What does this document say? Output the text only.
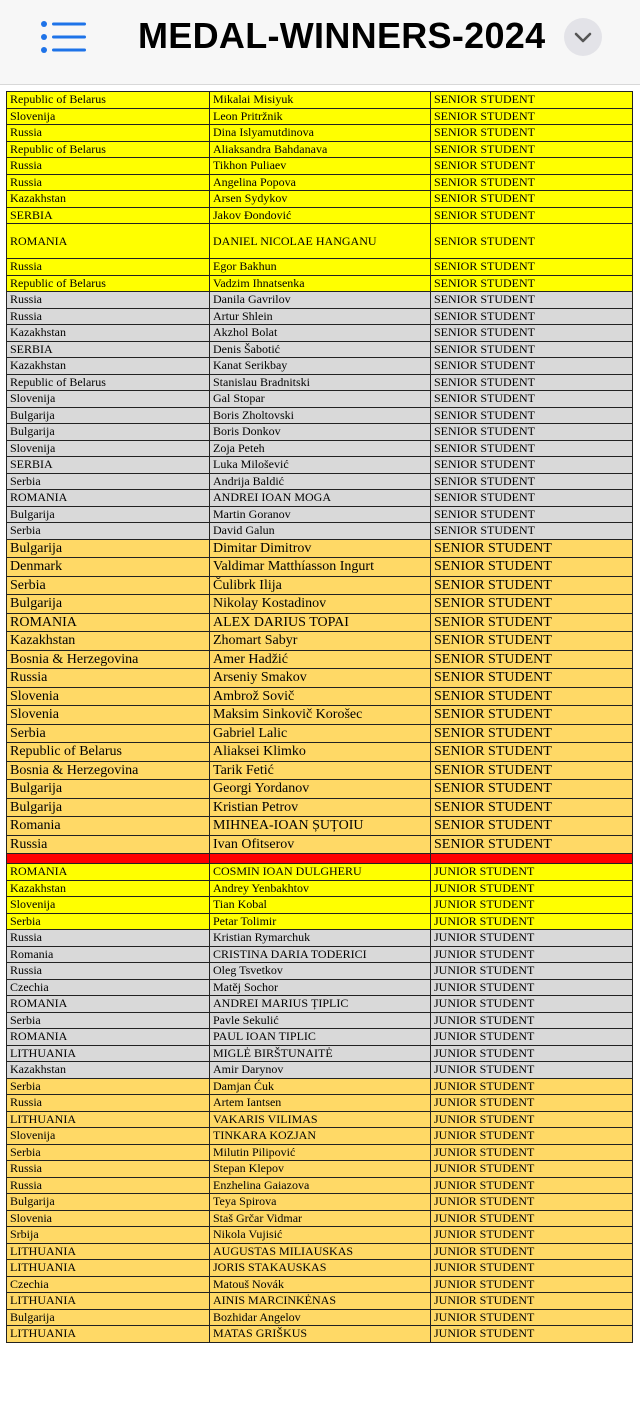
MEDAL-WINNERS-2024
Republic of Belarus	Mikalai Misiyuk	SENIOR STUDENT
Slovenija	Leon Pritržnik	SENIOR STUDENT
Russia	Dina Islyamutdinova	SENIOR STUDENT
Republic of Belarus	Aliaksandra Bahdanava	SENIOR STUDENT
Russia	Tikhon Puliaev	SENIOR STUDENT
Russia	Angelina Popova	SENIOR STUDENT
Kazakhstan	Arsen Sydykov	SENIOR STUDENT
SERBIA	Jakov Đondović	SENIOR STUDENT
ROMANIA	DANIEL NICOLAE HANGANU	SENIOR STUDENT
Russia	Egor Bakhun	SENIOR STUDENT
Republic of Belarus	Vadzim Ihnatsenka	SENIOR STUDENT
Russia	Danila Gavrilov	SENIOR STUDENT
Russia	Artur Shlein	SENIOR STUDENT
Kazakhstan	Akzhol Bolat	SENIOR STUDENT
SERBIA	Denis Šabotić	SENIOR STUDENT
Kazakhstan	Kanat Serikbay	SENIOR STUDENT
Republic of Belarus	Stanislau Bradnitski	SENIOR STUDENT
Slovenija	Gal Stopar	SENIOR STUDENT
Bulgarija	Boris Zholtovski	SENIOR STUDENT
Bulgarija	Boris Donkov	SENIOR STUDENT
Slovenija	Zoja Peteh	SENIOR STUDENT
SERBIA	Luka Milošević	SENIOR STUDENT
Serbia	Andrija Baldić	SENIOR STUDENT
ROMANIA	ANDREI IOAN MOGA	SENIOR STUDENT
Bulgarija	Martin Goranov	SENIOR STUDENT
Serbia	David Galun	SENIOR STUDENT
Bulgarija	Dimitar Dimitrov	SENIOR STUDENT
Denmark	Valdimar Matthíasson Ingurt	SENIOR STUDENT
Serbia	Čulibrk Ilija	SENIOR STUDENT
Bulgarija	Nikolay Kostadinov	SENIOR STUDENT
ROMANIA	ALEX DARIUS TOPAI	SENIOR STUDENT
Kazakhstan	Zhomart Sabyr	SENIOR STUDENT
Bosnia & Herzegovina	Amer Hadžić	SENIOR STUDENT
Russia	Arseniy Smakov	SENIOR STUDENT
Slovenia	Ambrož Sovič	SENIOR STUDENT
Slovenia	Maksim Sinkovič Korošec	SENIOR STUDENT
Serbia	Gabriel Lalic	SENIOR STUDENT
Republic of Belarus	Aliaksei Klimko	SENIOR STUDENT
Bosnia & Herzegovina	Tarik Fetić	SENIOR STUDENT
Bulgarija	Georgi Yordanov	SENIOR STUDENT
Bulgarija	Kristian Petrov	SENIOR STUDENT
Romania	MIHNEA-IOAN ȘUȚOIU	SENIOR STUDENT
Russia	Ivan Ofitserov	SENIOR STUDENT

ROMANIA	COSMIN IOAN DULGHERU	JUNIOR STUDENT
Kazakhstan	Andrey Yenbakhtov	JUNIOR STUDENT
Slovenija	Tian Kobal	JUNIOR STUDENT
Serbia	Petar Tolimir	JUNIOR STUDENT
Russia	Kristian Rymarchuk	JUNIOR STUDENT
Romania	CRISTINA DARIA TODERICI	JUNIOR STUDENT
Russia	Oleg Tsvetkov	JUNIOR STUDENT
Czechia	Matěj Sochor	JUNIOR STUDENT
ROMANIA	ANDREI MARIUS ȚIPLIC	JUNIOR STUDENT
Serbia	Pavle Sekulić	JUNIOR STUDENT
ROMANIA	PAUL IOAN TIPLIC	JUNIOR STUDENT
LITHUANIA	MIGLĖ BIRŠTUNAITĖ	JUNIOR STUDENT
Kazakhstan	Amir Darynov	JUNIOR STUDENT
Serbia	Damjan Ćuk	JUNIOR STUDENT
Russia	Artem Iantsen	JUNIOR STUDENT
LITHUANIA	VAKARIS VILIMAS	JUNIOR STUDENT
Slovenija	TINKARA KOZJAN	JUNIOR STUDENT
Serbia	Milutin Pilipović	JUNIOR STUDENT
Russia	Stepan Klepov	JUNIOR STUDENT
Russia	Enzhelina Gaiazova	JUNIOR STUDENT
Bulgarija	Teya Spirova	JUNIOR STUDENT
Slovenia	Staš Grčar Vidmar	JUNIOR STUDENT
Srbija	Nikola Vujisić	JUNIOR STUDENT
LITHUANIA	AUGUSTAS MILIAUSKAS	JUNIOR STUDENT
LITHUANIA	JORIS STAKAUSKAS	JUNIOR STUDENT
Czechia	Matouš Novák	JUNIOR STUDENT
LITHUANIA	AINIS MARCINKĖNAS	JUNIOR STUDENT
Bulgarija	Bozhidar Angelov	JUNIOR STUDENT
LITHUANIA	MATAS GRIŠKUS	JUNIOR STUDENT
